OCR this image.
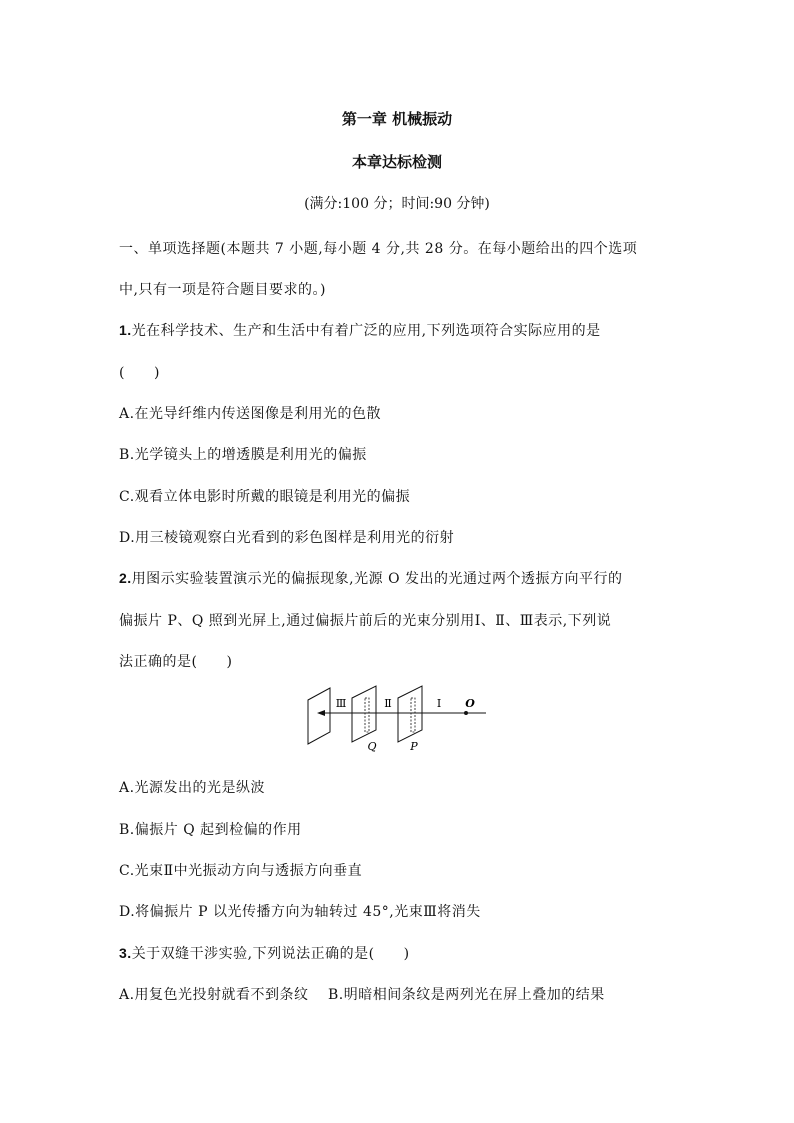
第一章 机械振动
本章达标检测
(满分:100 分；时间:90 分钟)
一、单项选择题(本题共 7 小题,每小题 4 分,共 28 分。在每小题给出的四个选项
中,只有一项是符合题目要求的。)
1.光在科学技术、生产和生活中有着广泛的应用,下列选项符合实际应用的是
(　　)
A.在光导纤维内传送图像是利用光的色散
B.光学镜头上的增透膜是利用光的偏振
C.观看立体电影时所戴的眼镜是利用光的偏振
D.用三棱镜观察白光看到的彩色图样是利用光的衍射
2.用图示实验装置演示光的偏振现象,光源 O 发出的光通过两个透振方向平行的
偏振片 P、Q 照到光屏上,通过偏振片前后的光束分别用Ⅰ、Ⅱ、Ⅲ表示,下列说
法正确的是(　　)
Ⅲ	Ⅱ	Ⅰ O
Q	P
A.光源发出的光是纵波
B.偏振片 Q 起到检偏的作用
C.光束Ⅱ中光振动方向与透振方向垂直
D.将偏振片 P 以光传播方向为轴转过 45°,光束Ⅲ将消失
3.关于双缝干涉实验,下列说法正确的是(　　)
A.用复色光投射就看不到条纹　 B.明暗相间条纹是两列光在屏上叠加的结果
